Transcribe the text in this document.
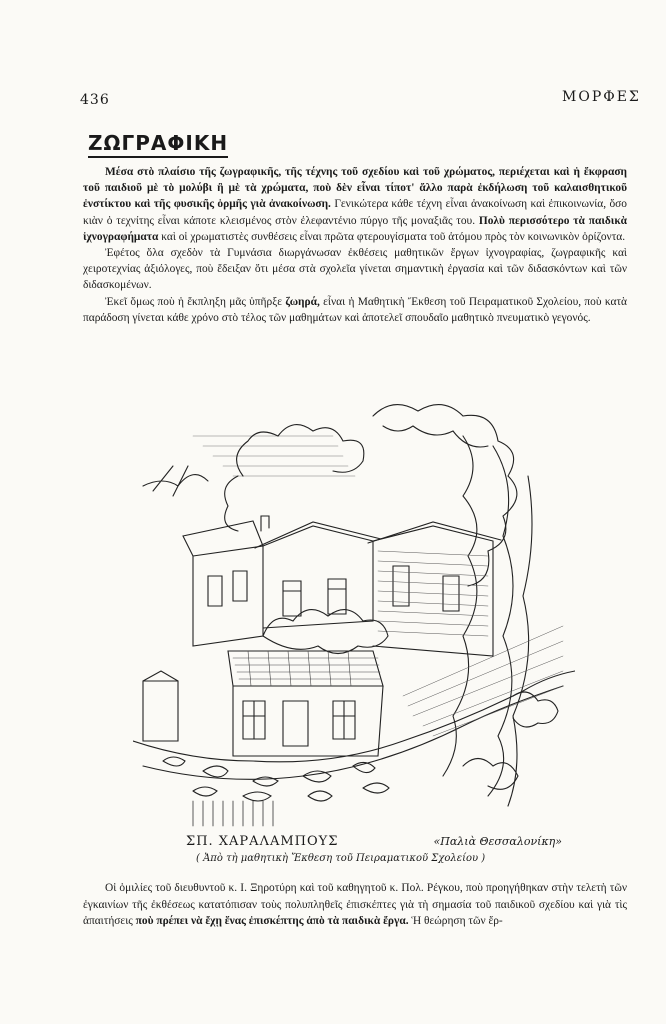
436	ΜΟΡΦΕΣ
ΖΩΓΡΑΦΙΚΗ

Μέσα στὸ πλαίσιο τῆς ζωγραφικῆς, τῆς τέχνης τοῦ σχεδίου καὶ τοῦ χρώματος, περιέχεται καὶ ἡ ἔκφραση τοῦ παιδιοῦ μὲ τὸ μολύβι ἢ μὲ τὰ χρώματα, ποὺ δὲν εἶναι τίποτ' ἄλλο παρὰ ἐκδήλωση τοῦ καλαισθητικοῦ ἐνστίκτου καὶ τῆς φυσικῆς ὁρμῆς γιὰ ἀνακοίνωση. Γενικώτερα κάθε τέχνη εἶναι ἀνακοίνωση καὶ ἐπικοινωνία, ὅσο κιὰν ὁ τεχνίτης εἶναι κάποτε κλεισμένος στὸν ἐλεφαντένιο πύργο τῆς μοναξιᾶς του. Πολὺ περισσότερο τὰ παιδικὰ ἰχνογραφήματα καὶ οἱ χρωματιστὲς συνθέσεις εἶναι πρῶτα φτερουγίσματα τοῦ ἀτόμου πρὸς τὸν κοινωνικὸν ὁρίζοντα.

Ἐφέτος ὅλα σχεδὸν τὰ Γυμνάσια διωργάνωσαν ἐκθέσεις μαθητικῶν ἔργων ἰχνογραφίας, ζωγραφικῆς καὶ χειροτεχνίας ἀξιόλογες, ποὺ ἔδειξαν ὅτι μέσα στὰ σχολεῖα γίνεται σημαντικὴ ἐργασία καὶ τῶν διδασκόντων καὶ τῶν διδασκομένων.

Ἐκεῖ ὅμως ποὺ ἡ ἔκπληξη μᾶς ὑπῆρξε ζωηρά, εἶναι ἡ Μαθητικὴ Ἔκθεση τοῦ Πειραματικοῦ Σχολείου, ποὺ κατὰ παράδοση γίνεται κάθε χρόνο στὸ τέλος τῶν μαθημάτων καὶ ἀποτελεῖ σπουδαῖο μαθητικὸ πνευματικὸ γεγονός.

ΣΠ. ΧΑΡΑΛΑΜΠΟΥΣ	«Παλιὰ Θεσσαλονίκη»
( Ἀπὸ τὴ μαθητικὴ Ἔκθεση τοῦ Πειραματικοῦ Σχολείου )

Οἱ ὁμιλίες τοῦ διευθυντοῦ κ. Ι. Ξηροτύρη καὶ τοῦ καθηγητοῦ κ. Πολ. Ρέγκου, ποὺ προηγήθηκαν στὴν τελετὴ τῶν ἐγκαινίων τῆς ἐκθέσεως κατατόπισαν τοὺς πολυπληθεῖς ἐπισκέπτες γιὰ τὴ σημασία τοῦ παιδικοῦ σχεδίου καὶ γιὰ τὶς ἀπαιτήσεις ποὺ πρέπει νὰ ἔχῃ ἕνας ἐπισκέπτης ἀπὸ τὰ παιδικὰ ἔργα. Ἡ θεώρηση τῶν ἔρ-
